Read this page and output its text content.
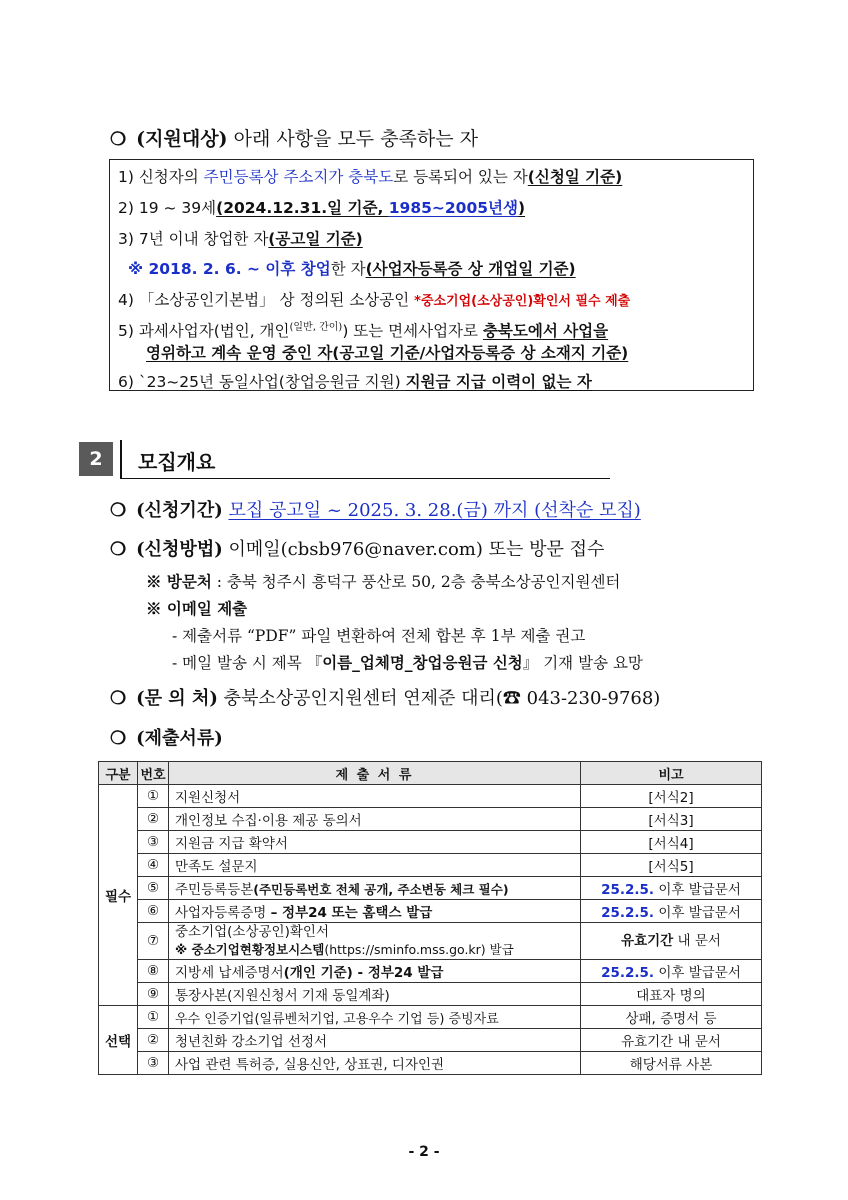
❍ (지원대상) 아래 사항을 모두 충족하는 자
1) 신청자의 주민등록상 주소지가 충북도로 등록되어 있는 자(신청일 기준)
2) 19 ~ 39세(2024.12.31.일 기준, 1985~2005년생)
3) 7년 이내 창업한 자(공고일 기준)
※ 2018. 2. 6. ~ 이후 창업한 자(사업자등록증 상 개업일 기준)
4) 「소상공인기본법」 상 정의된 소상공인 *중소기업(소상공인)확인서 필수 제출
5) 과세사업자(법인, 개인$^{(일반, 간이)}$) 또는 면세사업자로 충북도에서 사업을
영위하고 계속 운영 중인 자(공고일 기준/사업자등록증 상 소재지 기준)
6) `23~25년 동일사업(창업응원금 지원) 지원금 지급 이력이 없는 자
2	모집개요
❍ (신청기간) 모집 공고일 ~ 2025. 3. 28.(금) 까지 (선착순 모집)
❍ (신청방법) 이메일(cbsb976@naver.com) 또는 방문 접수
※ 방문처 : 충북 청주시 흥덕구 풍산로 50, 2층 충북소상공인지원센터
※ 이메일 제출
- 제출서류 “PDF” 파일 변환하여 전체 합본 후 1부 제출 권고
- 메일 발송 시 제목 『이름_업체명_창업응원금 신청』 기재 발송 요망
❍ (문 의 처) 충북소상공인지원센터 연제준 대리(☎ 043-230-9768)
❍ (제출서류)
구분	번호	제 출 서 류	비고
필수	①	지원신청서	[서식2]
	②	개인정보 수집·이용 제공 동의서	[서식3]
	③	지원금 지급 확약서	[서식4]
	④	만족도 설문지	[서식5]
	⑤	주민등록등본(주민등록번호 전체 공개, 주소변동 체크 필수)	25.2.5. 이후 발급문서
	⑥	사업자등록증명 – 정부24 또는 홈택스 발급	25.2.5. 이후 발급문서
	⑦	중소기업(소상공인)확인서
※ 중소기업현황정보시스템(https://sminfo.mss.go.kr) 발급	유효기간 내 문서
	⑧	지방세 납세증명서(개인 기준) - 정부24 발급	25.2.5. 이후 발급문서
	⑨	통장사본(지원신청서 기재 동일계좌)	대표자 명의
선택	①	우수 인증기업(일류벤처기업, 고용우수 기업 등) 증빙자료	상패, 증명서 등
	②	청년친화 강소기업 선정서	유효기간 내 문서
	③	사업 관련 특허증, 실용신안, 상표권, 디자인권	해당서류 사본
- 2 -
